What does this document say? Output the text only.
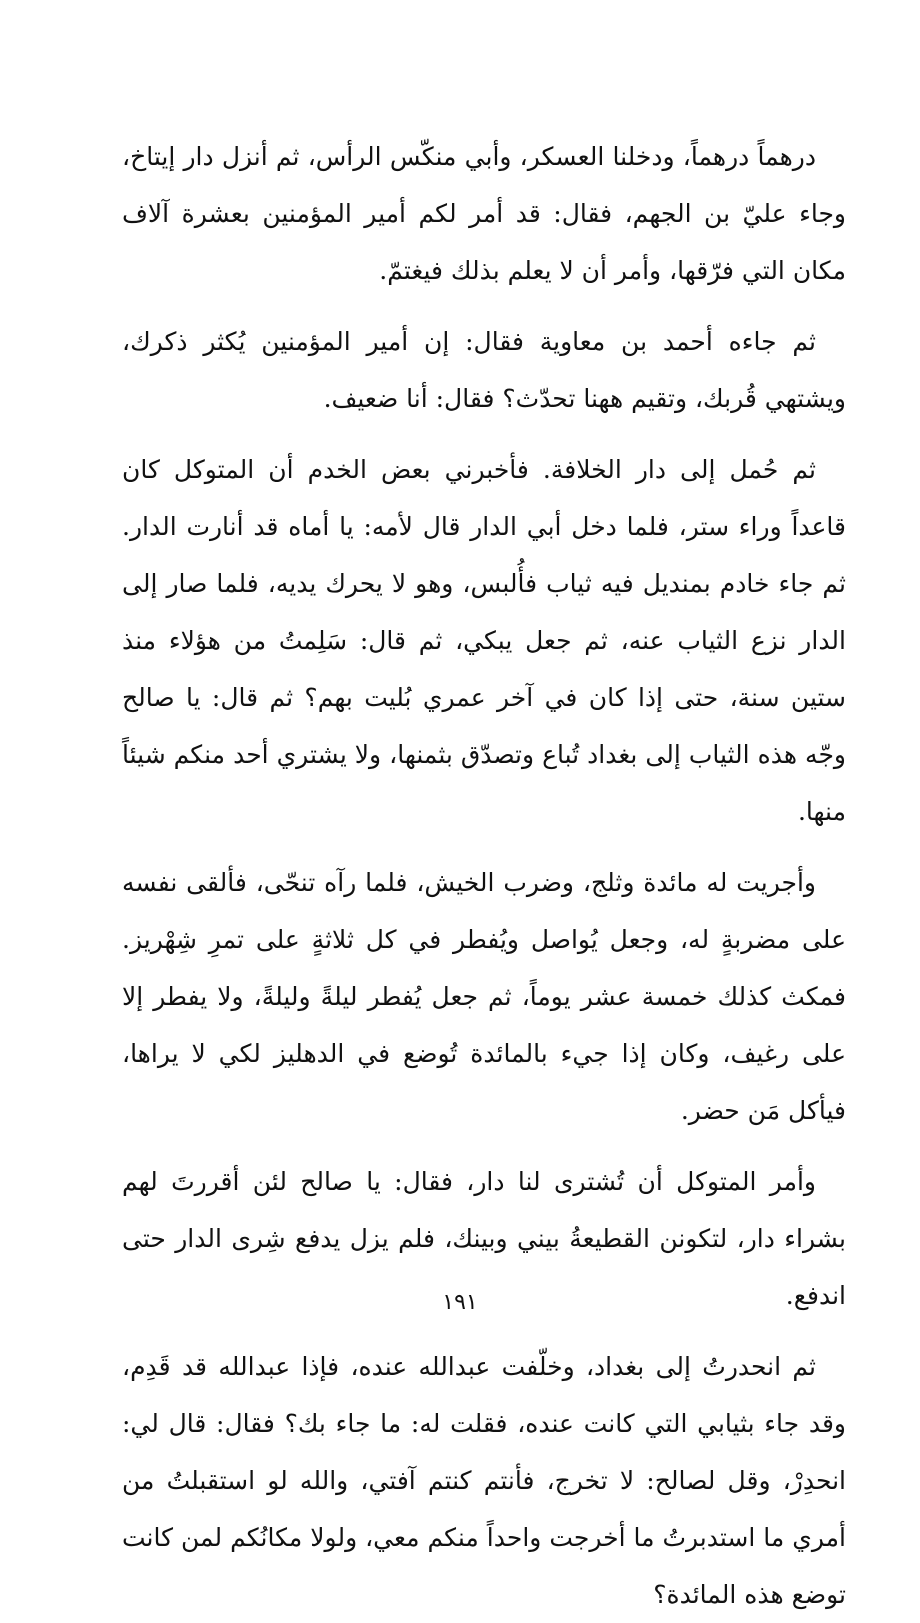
درهماً درهماً، ودخلنا العسكر، وأبي منكّس الرأس، ثم أنزل دار إيتاخ، وجاء عليّ بن الجهم، فقال: قد أمر لكم أمير المؤمنين بعشرة آلاف مكان التي فرّقها، وأمر أن لا يعلم بذلك فيغتمّ.

ثم جاءه أحمد بن معاوية فقال: إن أمير المؤمنين يُكثر ذكرك، ويشتهي قُربك، وتقيم ههنا تحدّث؟ فقال: أنا ضعيف.

ثم حُمل إلى دار الخلافة. فأخبرني بعض الخدم أن المتوكل كان قاعداً وراء ستر، فلما دخل أبي الدار قال لأمه: يا أماه قد أنارت الدار. ثم جاء خادم بمنديل فيه ثياب فأُلبس، وهو لا يحرك يديه، فلما صار إلى الدار نزع الثياب عنه، ثم جعل يبكي، ثم قال: سَلِمتُ من هؤلاء منذ ستين سنة، حتى إذا كان في آخر عمري بُليت بهم؟ ثم قال: يا صالح وجّه هذه الثياب إلى بغداد تُباع وتصدّق بثمنها، ولا يشتري أحد منكم شيئاً منها.

وأجريت له مائدة وثلج، وضرب الخيش، فلما رآه تنحّى، فألقى نفسه على مضربةٍ له، وجعل يُواصل ويُفطر في كل ثلاثةٍ على تمرِ شِهْريز. فمكث كذلك خمسة عشر يوماً، ثم جعل يُفطر ليلةً وليلةً، ولا يفطر إلا على رغيف، وكان إذا جيء بالمائدة تُوضع في الدهليز لكي لا يراها، فيأكل مَن حضر.

وأمر المتوكل أن تُشترى لنا دار، فقال: يا صالح لئن أقررتَ لهم بشراء دار، لتكونن القطيعةُ بيني وبينك، فلم يزل يدفع شِرى الدار حتى اندفع.

ثم انحدرتُ إلى بغداد، وخلّفت عبدالله عنده، فإذا عبدالله قد قَدِم، وقد جاء بثيابي التي كانت عنده، فقلت له: ما جاء بك؟ فقال: قال لي: انحدِرْ، وقل لصالح: لا تخرج، فأنتم كنتم آفتي، والله لو استقبلتُ من أمري ما استدبرتُ ما أخرجت واحداً منكم معي، ولولا مكانُكم لمن كانت توضع هذه المائدة؟

١٩١
